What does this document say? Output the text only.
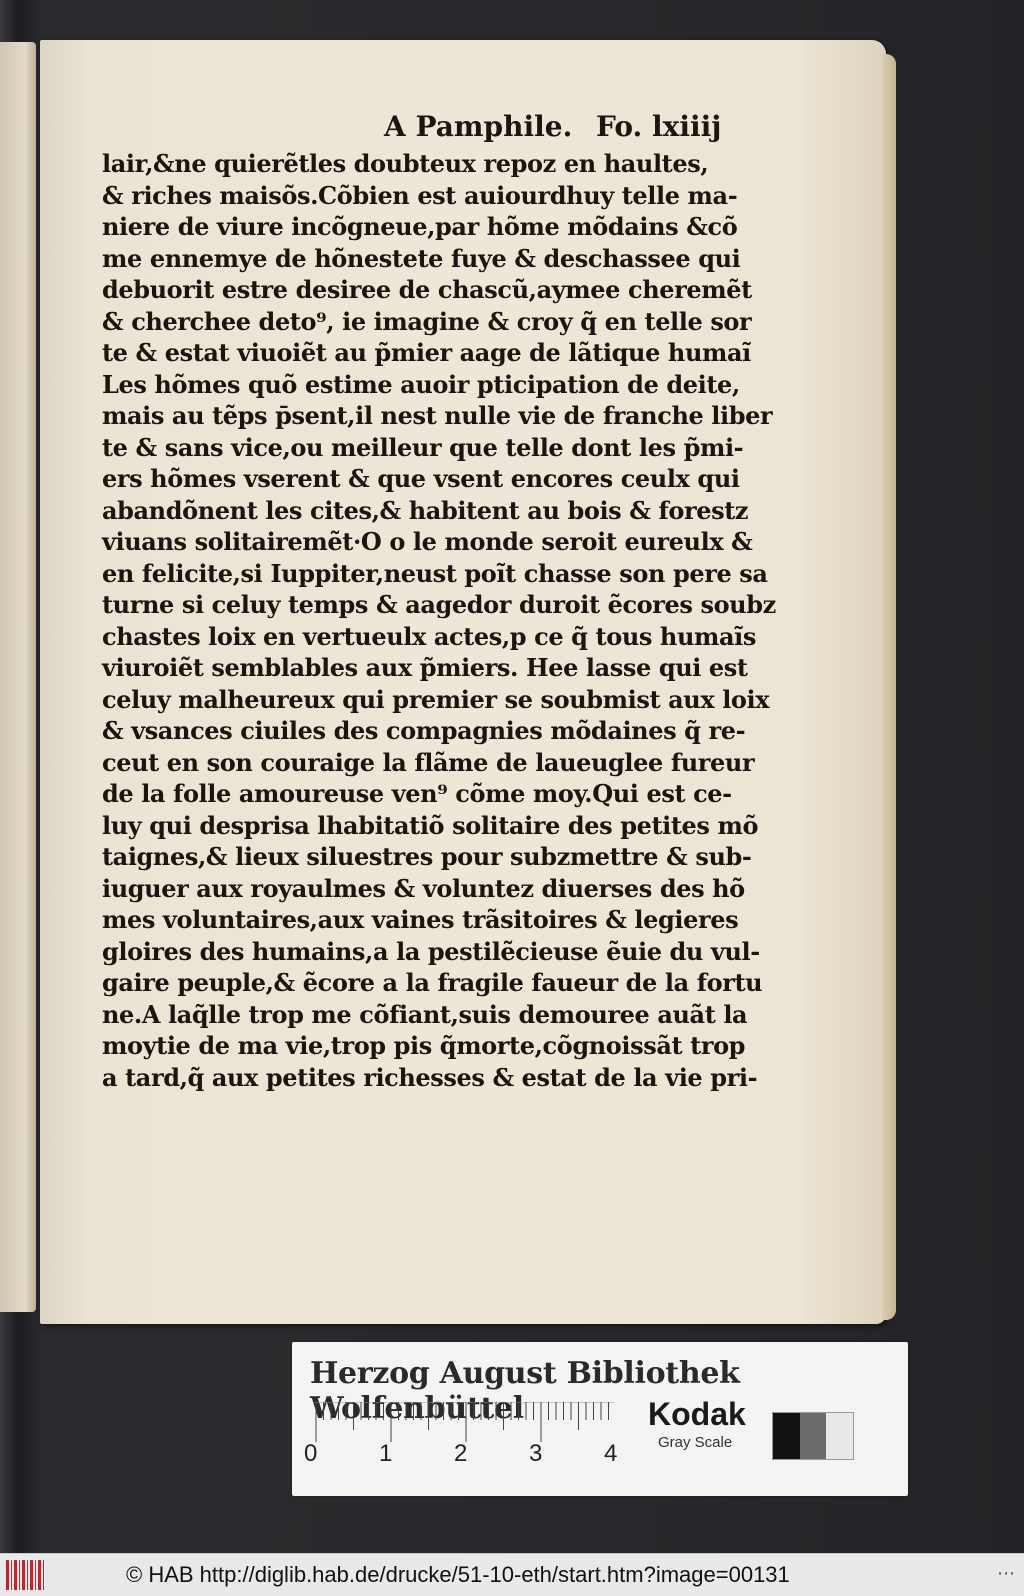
A Pamphile. Fo. lxiiij
lair,&ne quierẽtles doubteux repoz en haultes,
& riches maisõs.Cõbien est auiourdhuy telle ma-
niere de viure incõgneue,par hõme mõdains &cõ
me ennemye de hõnestete fuye & deschassee qui
debuorit estre desiree de chascũ,aymee cheremẽt
& cherchee deto⁹, ie imagine & croy q̃ en telle sor
te & estat viuoiẽt au p̃mier aage de lãtique humaĩ
Les hõmes quõ estime auoir pticipation de deite,
mais au tẽps p̄sent,il nest nulle vie de franche liber
te & sans vice,ou meilleur que telle dont les p̃mi-
ers hõmes vserent & que vsent encores ceulx qui
abandõnent les cites,& habitent au bois & forestz
viuans solitairemẽt·O o le monde seroit eureulx &
en felicite,si Iuppiter,neust poĩt chasse son pere sa
turne si celuy temps & aagedor duroit ẽcores soubz
chastes loix en vertueulx actes,p ce q̃ tous humaĩs
viuroiẽt semblables aux p̃miers. Hee lasse qui est
celuy malheureux qui premier se soubmist aux loix
& vsances ciuiles des compagnies mõdaines q̃ re-
ceut en son couraige la flãme de laueuglee fureur
de la folle amoureuse ven⁹ cõme moy.Qui est ce-
luy qui desprisa lhabitatiõ solitaire des petites mõ
taignes,& lieux siluestres pour subzmettre & sub-
iuguer aux royaulmes & voluntez diuerses des hõ
mes voluntaires,aux vaines trãsitoires & legieres
gloires des humains,a la pestilẽcieuse ẽuie du vul-
gaire peuple,& ẽcore a la fragile faueur de la fortu
ne.A laq̃lle trop me cõfiant,suis demouree auãt la
moytie de ma vie,trop pis q̃morte,cõgnoissãt trop
a tard,q̃ aux petites richesses & estat de la vie pri-
Herzog August Bibliothek Wolfenbüttel
0	1	2	3	4
Kodak
Gray Scale
© HAB http://diglib.hab.de/drucke/51-10-eth/start.htm?image=00131	⋯
